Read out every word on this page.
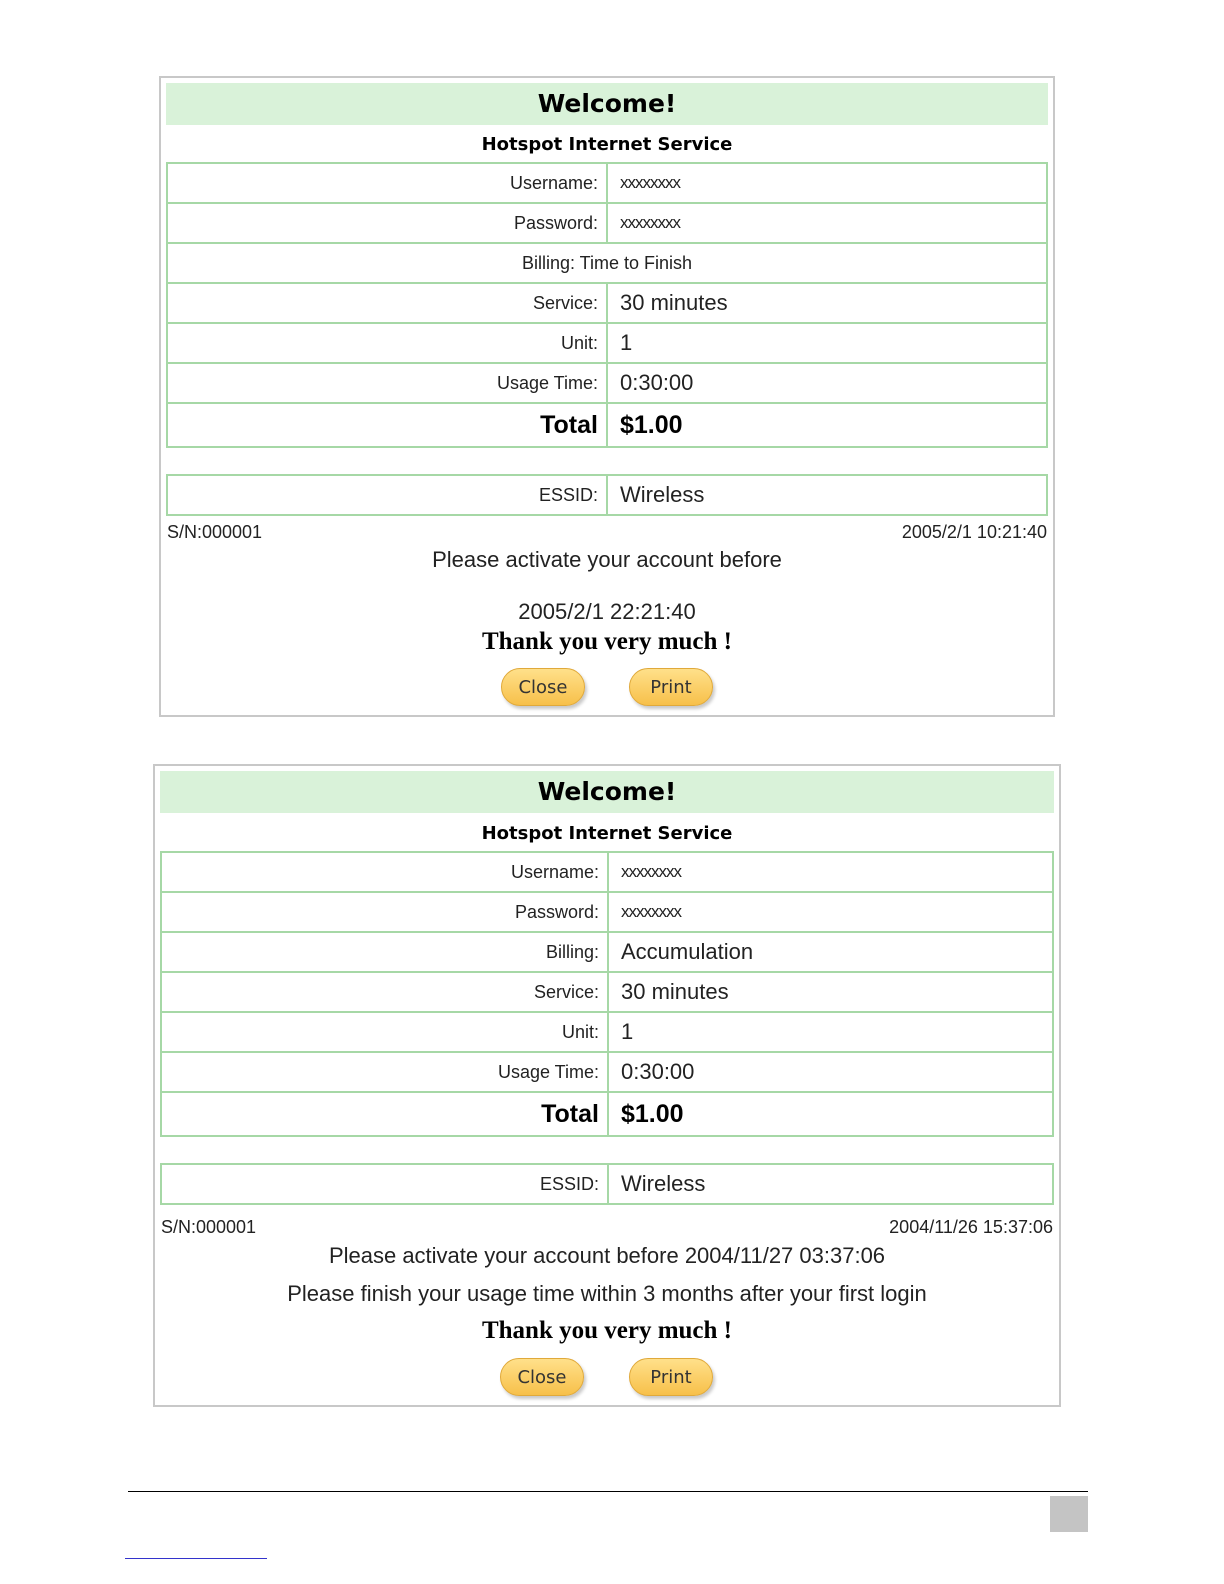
Welcome!
Hotspot Internet Service
Username:	xxxxxxxx
Password:	xxxxxxxx
Billing: Time to Finish
Service:	30 minutes
Unit:	1
Usage Time:	0:30:00
Total $1.00
ESSID:	Wireless
S/N:000001	2005/2/1 10:21:40
Please activate your account before
2005/2/1 22:21:40
Thank you very much !
Close	Print
Welcome!
Hotspot Internet Service
Username:	xxxxxxxx
Password:	xxxxxxxx
Billing:	Accumulation
Service:	30 minutes
Unit:	1
Usage Time:	0:30:00
Total $1.00
ESSID:	Wireless
S/N:000001	2004/11/26 15:37:06
Please activate your account before 2004/11/27 03:37:06
Please finish your usage time within 3 months after your first login
Thank you very much !
Close	Print
